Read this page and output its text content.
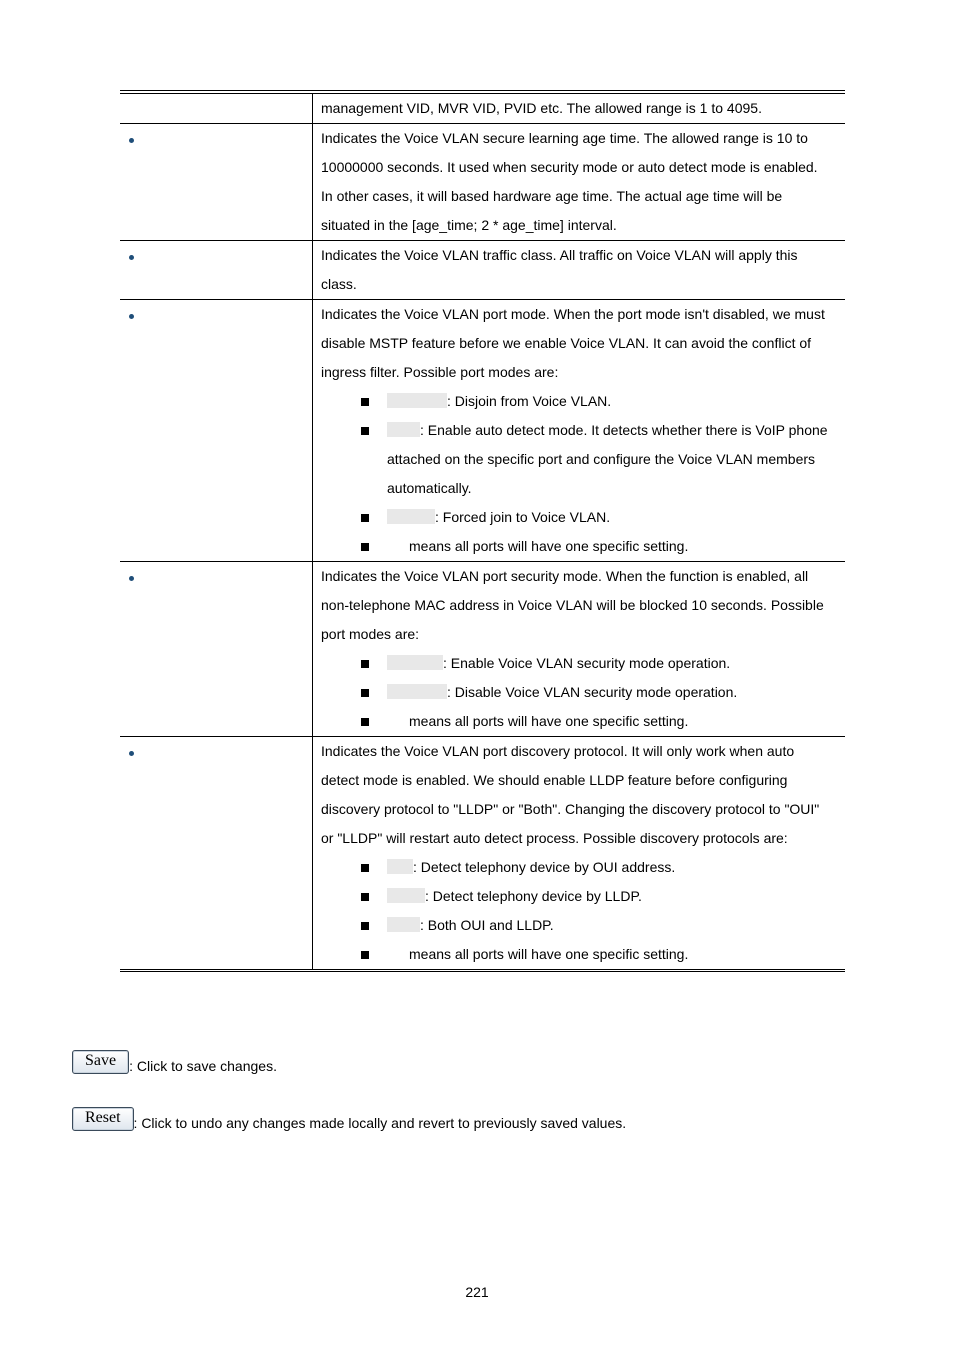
management VID, MVR VID, PVID etc. The allowed range is 1 to 4095.
Indicates the Voice VLAN secure learning age time. The allowed range is 10 to
10000000 seconds. It used when security mode or auto detect mode is enabled.
In other cases, it will based hardware age time. The actual age time will be
situated in the [age_time; 2 * age_time] interval.
Indicates the Voice VLAN traffic class. All traffic on Voice VLAN will apply this
class.
Indicates the Voice VLAN port mode. When the port mode isn't disabled, we must
disable MSTP feature before we enable Voice VLAN. It can avoid the conflict of
ingress filter. Possible port modes are:
: Disjoin from Voice VLAN.
: Enable auto detect mode. It detects whether there is VoIP phone
attached on the specific port and configure the Voice VLAN members
automatically.
: Forced join to Voice VLAN.
means all ports will have one specific setting.
Indicates the Voice VLAN port security mode. When the function is enabled, all
non-telephone MAC address in Voice VLAN will be blocked 10 seconds. Possible
port modes are:
: Enable Voice VLAN security mode operation.
: Disable Voice VLAN security mode operation.
means all ports will have one specific setting.
Indicates the Voice VLAN port discovery protocol. It will only work when auto
detect mode is enabled. We should enable LLDP feature before configuring
discovery protocol to "LLDP" or "Both". Changing the discovery protocol to "OUI"
or "LLDP" will restart auto detect process. Possible discovery protocols are:
: Detect telephony device by OUI address.
: Detect telephony device by LLDP.
: Both OUI and LLDP.
means all ports will have one specific setting.
Save : Click to save changes.
Reset : Click to undo any changes made locally and revert to previously saved values.
221
